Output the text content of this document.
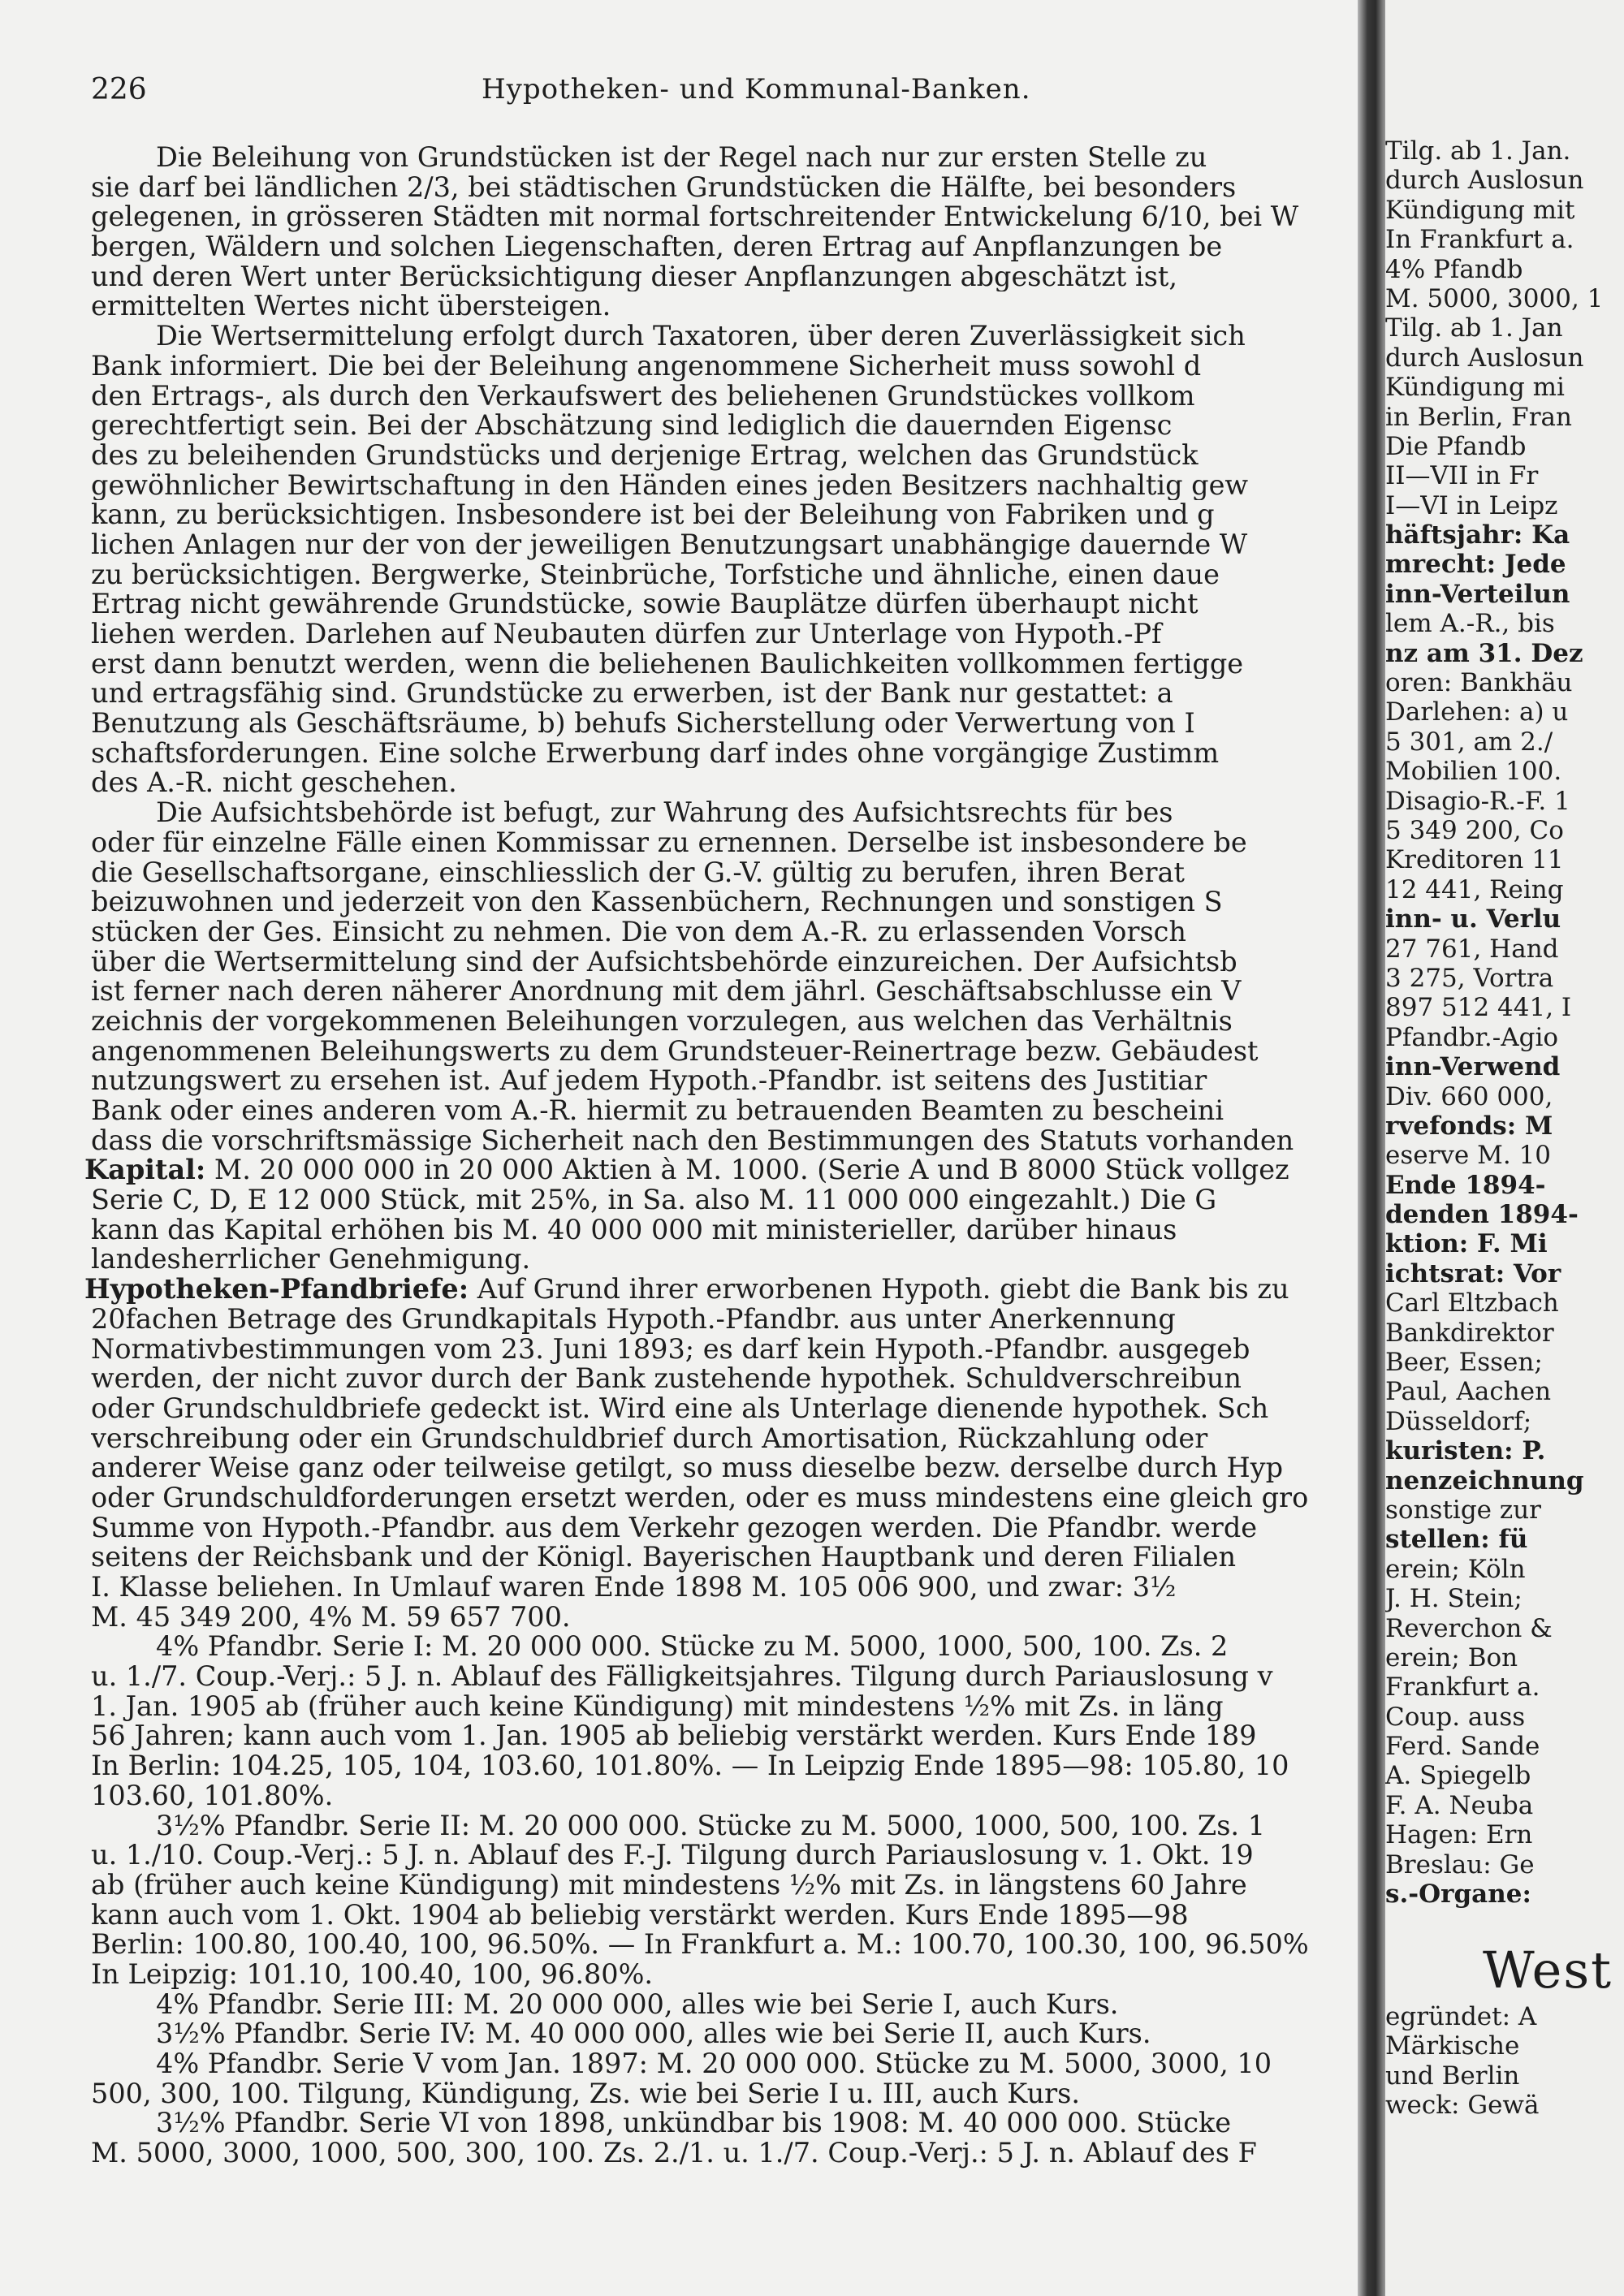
226	Hypotheken- und Kommunal-Banken.
Die Beleihung von Grundstücken ist der Regel nach nur zur ersten Stelle zu
sie darf bei ländlichen 2/3, bei städtischen Grundstücken die Hälfte, bei besonders
gelegenen, in grösseren Städten mit normal fortschreitender Entwickelung 6/10, bei W
bergen, Wäldern und solchen Liegenschaften, deren Ertrag auf Anpflanzungen be
und deren Wert unter Berücksichtigung dieser Anpflanzungen abgeschätzt ist,
ermittelten Wertes nicht übersteigen.
Die Wertsermittelung erfolgt durch Taxatoren, über deren Zuverlässigkeit sich
Bank informiert. Die bei der Beleihung angenommene Sicherheit muss sowohl d
den Ertrags-, als durch den Verkaufswert des beliehenen Grundstückes vollkom
gerechtfertigt sein. Bei der Abschätzung sind lediglich die dauernden Eigensc
des zu beleihenden Grundstücks und derjenige Ertrag, welchen das Grundstück
gewöhnlicher Bewirtschaftung in den Händen eines jeden Besitzers nachhaltig gew
kann, zu berücksichtigen. Insbesondere ist bei der Beleihung von Fabriken und g
lichen Anlagen nur der von der jeweiligen Benutzungsart unabhängige dauernde W
zu berücksichtigen. Bergwerke, Steinbrüche, Torfstiche und ähnliche, einen daue
Ertrag nicht gewährende Grundstücke, sowie Bauplätze dürfen überhaupt nicht
liehen werden. Darlehen auf Neubauten dürfen zur Unterlage von Hypoth.-Pf
erst dann benutzt werden, wenn die beliehenen Baulichkeiten vollkommen fertigge
und ertragsfähig sind. Grundstücke zu erwerben, ist der Bank nur gestattet: a
Benutzung als Geschäftsräume, b) behufs Sicherstellung oder Verwertung von I
schaftsforderungen. Eine solche Erwerbung darf indes ohne vorgängige Zustimm
des A.-R. nicht geschehen.
Die Aufsichtsbehörde ist befugt, zur Wahrung des Aufsichtsrechts für bes
oder für einzelne Fälle einen Kommissar zu ernennen. Derselbe ist insbesondere be
die Gesellschaftsorgane, einschliesslich der G.-V. gültig zu berufen, ihren Berat
beizuwohnen und jederzeit von den Kassenbüchern, Rechnungen und sonstigen S
stücken der Ges. Einsicht zu nehmen. Die von dem A.-R. zu erlassenden Vorsch
über die Wertsermittelung sind der Aufsichtsbehörde einzureichen. Der Aufsichtsb
ist ferner nach deren näherer Anordnung mit dem jährl. Geschäftsabschlusse ein V
zeichnis der vorgekommenen Beleihungen vorzulegen, aus welchen das Verhältnis
angenommenen Beleihungswerts zu dem Grundsteuer-Reinertrage bezw. Gebäudest
nutzungswert zu ersehen ist. Auf jedem Hypoth.-Pfandbr. ist seitens des Justitiar
Bank oder eines anderen vom A.-R. hiermit zu betrauenden Beamten zu bescheini
dass die vorschriftsmässige Sicherheit nach den Bestimmungen des Statuts vorhanden
Kapital: M. 20 000 000 in 20 000 Aktien à M. 1000. (Serie A und B 8000 Stück vollgez
Serie C, D, E 12 000 Stück, mit 25%, in Sa. also M. 11 000 000 eingezahlt.) Die G
kann das Kapital erhöhen bis M. 40 000 000 mit ministerieller, darüber hinaus
landesherrlicher Genehmigung.
Hypotheken-Pfandbriefe: Auf Grund ihrer erworbenen Hypoth. giebt die Bank bis zu
20fachen Betrage des Grundkapitals Hypoth.-Pfandbr. aus unter Anerkennung
Normativbestimmungen vom 23. Juni 1893; es darf kein Hypoth.-Pfandbr. ausgegeb
werden, der nicht zuvor durch der Bank zustehende hypothek. Schuldverschreibun
oder Grundschuldbriefe gedeckt ist. Wird eine als Unterlage dienende hypothek. Sch
verschreibung oder ein Grundschuldbrief durch Amortisation, Rückzahlung oder
anderer Weise ganz oder teilweise getilgt, so muss dieselbe bezw. derselbe durch Hyp
oder Grundschuldforderungen ersetzt werden, oder es muss mindestens eine gleich gro
Summe von Hypoth.-Pfandbr. aus dem Verkehr gezogen werden. Die Pfandbr. werde
seitens der Reichsbank und der Königl. Bayerischen Hauptbank und deren Filialen
I. Klasse beliehen. In Umlauf waren Ende 1898 M. 105 006 900, und zwar: 3½
M. 45 349 200, 4% M. 59 657 700.
4% Pfandbr. Serie I: M. 20 000 000. Stücke zu M. 5000, 1000, 500, 100. Zs. 2
u. 1./7. Coup.-Verj.: 5 J. n. Ablauf des Fälligkeitsjahres. Tilgung durch Pariauslosung v
1. Jan. 1905 ab (früher auch keine Kündigung) mit mindestens ½% mit Zs. in läng
56 Jahren; kann auch vom 1. Jan. 1905 ab beliebig verstärkt werden. Kurs Ende 189
In Berlin: 104.25, 105, 104, 103.60, 101.80%. — In Leipzig Ende 1895—98: 105.80, 10
103.60, 101.80%.
3½% Pfandbr. Serie II: M. 20 000 000. Stücke zu M. 5000, 1000, 500, 100. Zs. 1
u. 1./10. Coup.-Verj.: 5 J. n. Ablauf des F.-J. Tilgung durch Pariauslosung v. 1. Okt. 19
ab (früher auch keine Kündigung) mit mindestens ½% mit Zs. in längstens 60 Jahre
kann auch vom 1. Okt. 1904 ab beliebig verstärkt werden. Kurs Ende 1895—98
Berlin: 100.80, 100.40, 100, 96.50%. — In Frankfurt a. M.: 100.70, 100.30, 100, 96.50%
In Leipzig: 101.10, 100.40, 100, 96.80%.
4% Pfandbr. Serie III: M. 20 000 000, alles wie bei Serie I, auch Kurs.
3½% Pfandbr. Serie IV: M. 40 000 000, alles wie bei Serie II, auch Kurs.
4% Pfandbr. Serie V vom Jan. 1897: M. 20 000 000. Stücke zu M. 5000, 3000, 10
500, 300, 100. Tilgung, Kündigung, Zs. wie bei Serie I u. III, auch Kurs.
3½% Pfandbr. Serie VI von 1898, unkündbar bis 1908: M. 40 000 000. Stücke
M. 5000, 3000, 1000, 500, 300, 100. Zs. 2./1. u. 1./7. Coup.-Verj.: 5 J. n. Ablauf des F
Tilg. ab 1. Jan.
durch Auslosun
Kündigung mit
In Frankfurt a.
4% Pfandb
M. 5000, 3000, 1
Tilg. ab 1. Jan
durch Auslosun
Kündigung mi
in Berlin, Fran
Die Pfandb
II—VII in Fr
I—VI in Leipz
häftsjahr: Ka
mrecht: Jede
inn-Verteilun
lem A.-R., bis
nz am 31. Dez
oren: Bankhäu
Darlehen: a) u
5 301, am 2./
Mobilien 100.
Disagio-R.-F. 1
5 349 200, Co
Kreditoren 11
12 441, Reing
inn- u. Verlu
27 761, Hand
3 275, Vortra
897 512 441, I
Pfandbr.-Agio
inn-Verwend
Div. 660 000,
rvefonds: M
eserve M. 10
Ende 1894-
denden 1894-
ktion: F. Mi
ichtsrat: Vor
Carl Eltzbach
Bankdirektor
Beer, Essen;
Paul, Aachen
Düsseldorf;
kuristen: P.
nenzeichnung
sonstige zur
stellen: fü
erein; Köln
J. H. Stein;
Reverchon &
erein; Bon
Frankfurt a.
Coup. auss
Ferd. Sande
A. Spiegelb
F. A. Neuba
Hagen: Ern
Breslau: Ge
s.-Organe:
West
egründet: A
Märkische
und Berlin
weck: Gewä
